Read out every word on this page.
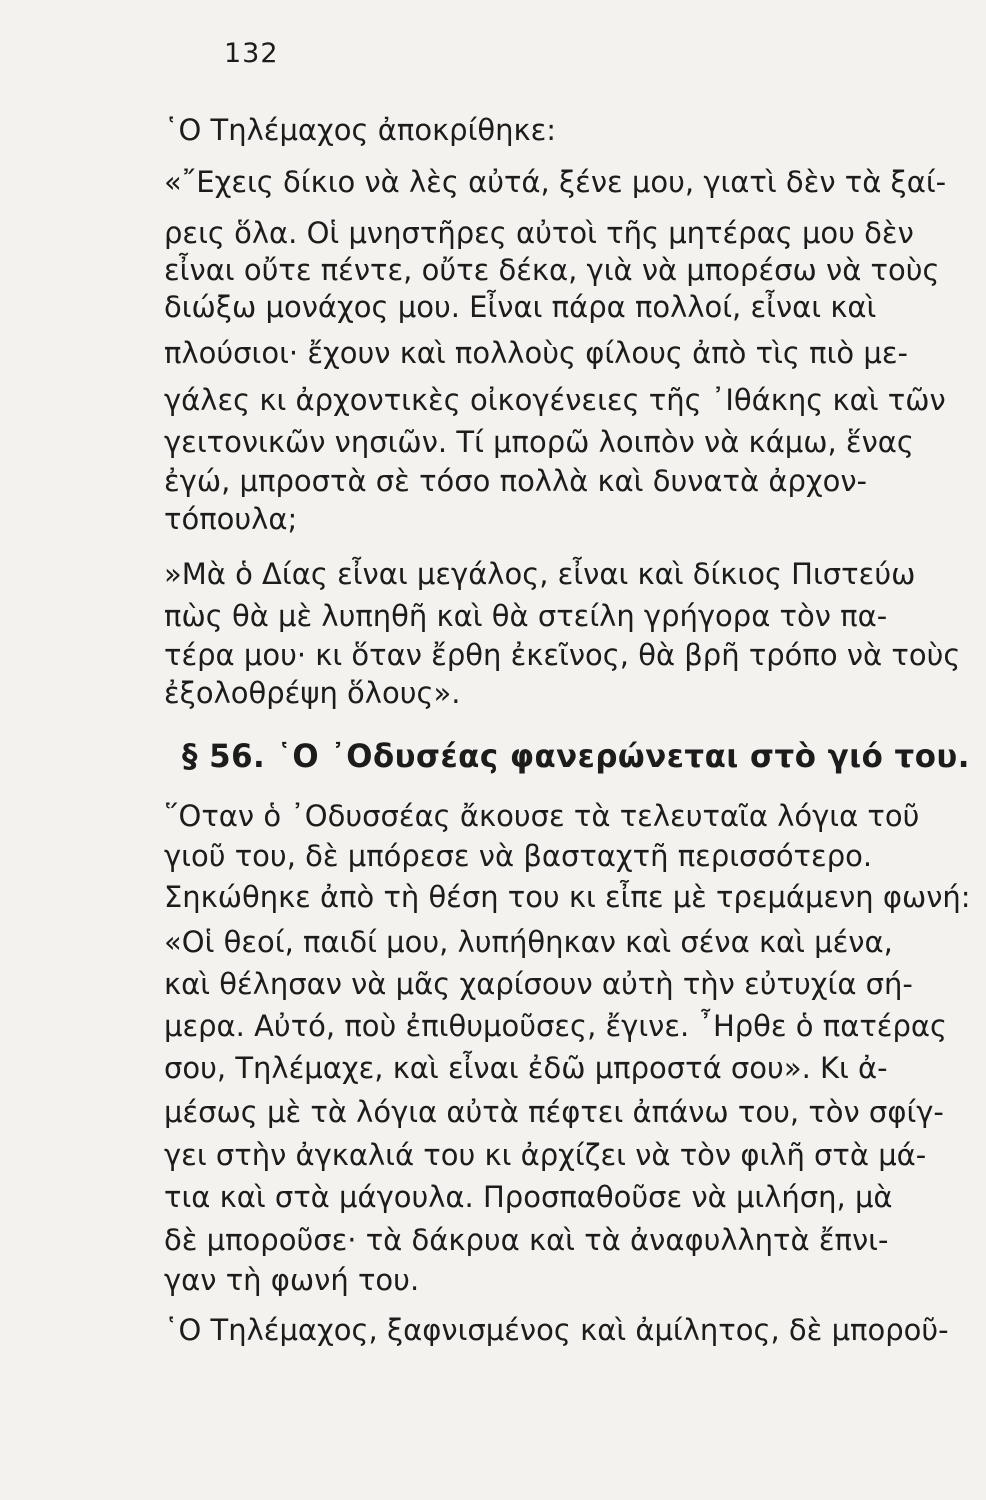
132
῾Ο Τηλέμαχος ἀποκρίθηκε:
«῎Εχεις δίκιο νὰ λὲς αὐτά, ξένε μου, γιατὶ δὲν τὰ ξαί-
ρεις ὅλα. Οἱ μνηστῆρες αὐτοὶ τῆς μητέρας μου δὲν
εἶναι οὔτε πέντε, οὔτε δέκα, γιὰ νὰ μπορέσω νὰ τοὺς
διώξω μονάχος μου. Εἶναι πάρα πολλοί, εἶναι καὶ
πλούσιοι· ἔχουν καὶ πολλοὺς φίλους ἀπὸ τὶς πιὸ με-
γάλες κι ἀρχοντικὲς οἰκογένειες τῆς ᾿Ιθάκης καὶ τῶν
γειτονικῶν νησιῶν. Τί μπορῶ λοιπὸν νὰ κάμω, ἕνας
ἐγώ, μπροστὰ σὲ τόσο πολλὰ καὶ δυνατὰ ἀρχον-
τόπουλα;
»Μὰ ὁ Δίας εἶναι μεγάλος, εἶναι καὶ δίκιος Πιστεύω
πὼς θὰ μὲ λυπηθῆ καὶ θὰ στείλη γρήγορα τὸν πα-
τέρα μου· κι ὅταν ἔρθη ἐκεῖνος, θὰ βρῆ τρόπο νὰ τοὺς
ἐξολοθρέψη ὅλους».
§ 56. ῾Ο ᾿Οδυσέας φανερώνεται στὸ γιό του.
῞Οταν ὁ ᾿Οδυσσέας ἄκουσε τὰ τελευταῖα λόγια τοῦ
γιοῦ του, δὲ μπόρεσε νὰ βασταχτῆ περισσότερο.
Σηκώθηκε ἀπὸ τὴ θέση του κι εἶπε μὲ τρεμάμενη φωνή:
«Οἱ θεοί, παιδί μου, λυπήθηκαν καὶ σένα καὶ μένα,
καὶ θέλησαν νὰ μᾶς χαρίσουν αὐτὴ τὴν εὐτυχία σή-
μερα. Αὐτό, ποὺ ἐπιθυμοῦσες, ἔγινε. ῏Ηρθε ὁ πατέρας
σου, Τηλέμαχε, καὶ εἶναι ἐδῶ μπροστά σου». Κι ἀ-
μέσως μὲ τὰ λόγια αὐτὰ πέφτει ἀπάνω του, τὸν σφίγ-
γει στὴν ἀγκαλιά του κι ἀρχίζει νὰ τὸν φιλῆ στὰ μά-
τια καὶ στὰ μάγουλα. Προσπαθοῦσε νὰ μιλήση, μὰ
δὲ μποροῦσε· τὰ δάκρυα καὶ τὰ ἀναφυλλητὰ ἔπνι-
γαν τὴ φωνή του.
῾Ο Τηλέμαχος, ξαφνισμένος καὶ ἀμίλητος, δὲ μποροῦ-
